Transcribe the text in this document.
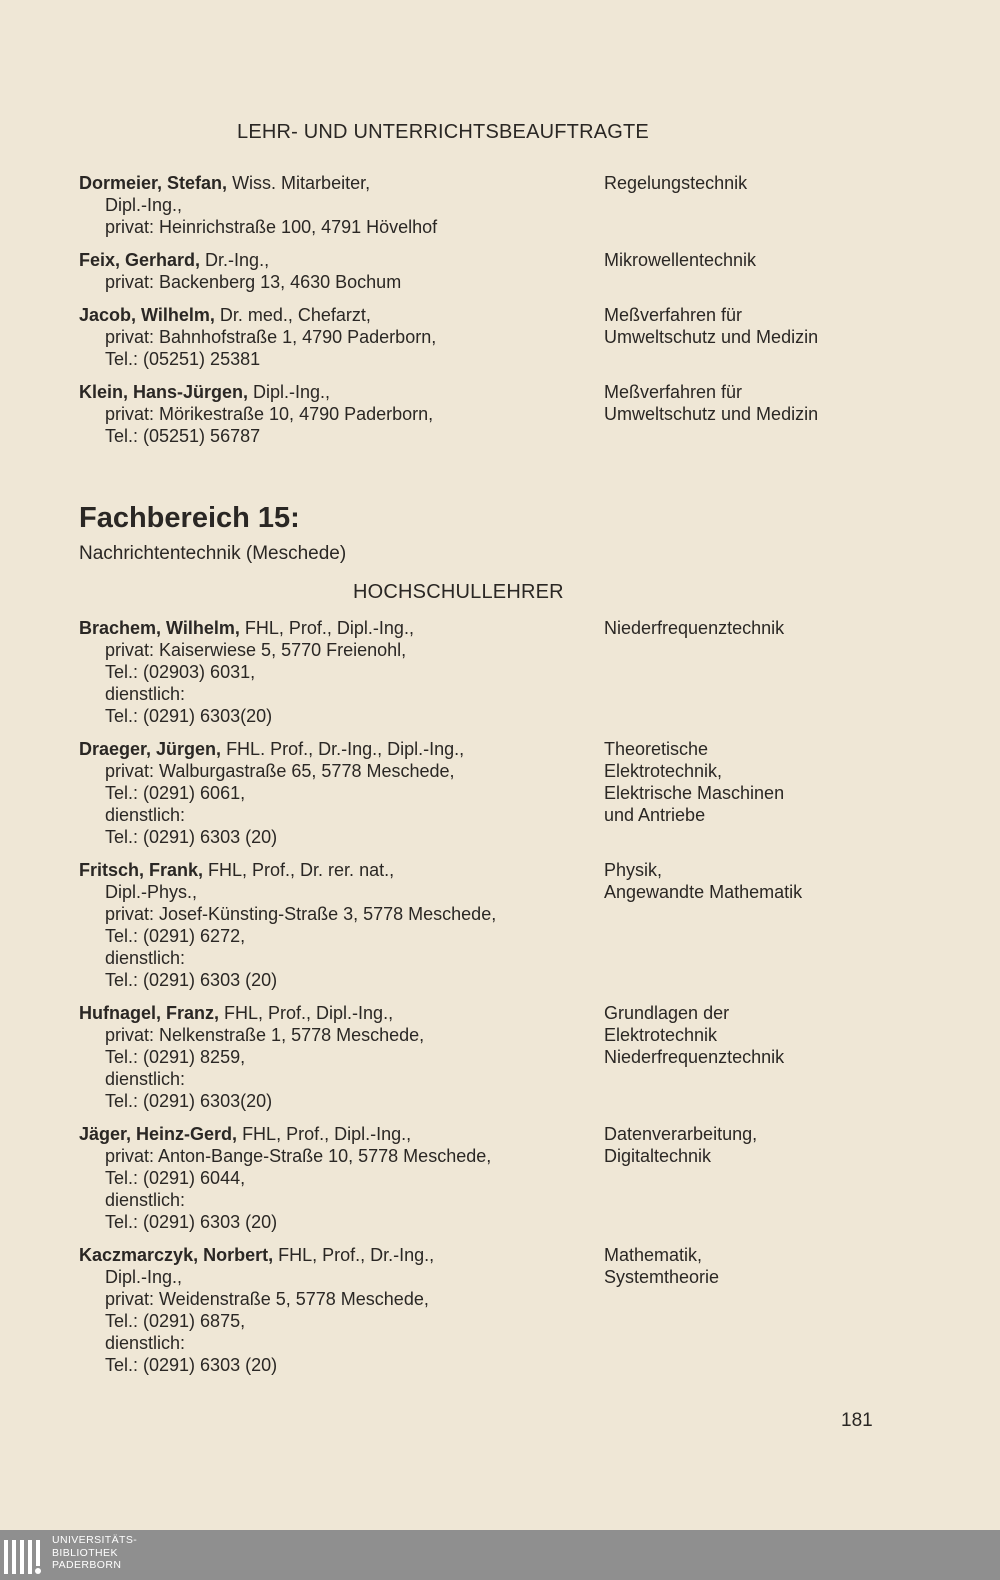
LEHR- UND UNTERRICHTSBEAUFTRAGTE
Dormeier, Stefan, Wiss. Mitarbeiter,
Dipl.-Ing.,
privat: Heinrichstraße 100, 4791 Hövelhof
Regelungstechnik
Feix, Gerhard, Dr.-Ing.,
privat: Backenberg 13, 4630 Bochum
Mikrowellentechnik
Jacob, Wilhelm, Dr. med., Chefarzt,
privat: Bahnhofstraße 1, 4790 Paderborn,
Tel.: (05251) 25381
Meßverfahren für
Umweltschutz und Medizin
Klein, Hans-Jürgen, Dipl.-Ing.,
privat: Mörikestraße 10, 4790 Paderborn,
Tel.: (05251) 56787
Meßverfahren für
Umweltschutz und Medizin
Fachbereich 15:
Nachrichtentechnik (Meschede)
HOCHSCHULLEHRER
Brachem, Wilhelm, FHL, Prof., Dipl.-Ing.,
privat: Kaiserwiese 5, 5770 Freienohl,
Tel.: (02903) 6031,
dienstlich:
Tel.: (0291) 6303(20)
Niederfrequenztechnik
Draeger, Jürgen, FHL. Prof., Dr.-Ing., Dipl.-Ing.,
privat: Walburgastraße 65, 5778 Meschede,
Tel.: (0291) 6061,
dienstlich:
Tel.: (0291) 6303 (20)
Theoretische
Elektrotechnik,
Elektrische Maschinen
und Antriebe
Fritsch, Frank, FHL, Prof., Dr. rer. nat.,
Dipl.-Phys.,
privat: Josef-Künsting-Straße 3, 5778 Meschede,
Tel.: (0291) 6272,
dienstlich:
Tel.: (0291) 6303 (20)
Physik,
Angewandte Mathematik
Hufnagel, Franz, FHL, Prof., Dipl.-Ing.,
privat: Nelkenstraße 1, 5778 Meschede,
Tel.: (0291) 8259,
dienstlich:
Tel.: (0291) 6303(20)
Grundlagen der
Elektrotechnik
Niederfrequenztechnik
Jäger, Heinz-Gerd, FHL, Prof., Dipl.-Ing.,
privat: Anton-Bange-Straße 10, 5778 Meschede,
Tel.: (0291) 6044,
dienstlich:
Tel.: (0291) 6303 (20)
Datenverarbeitung,
Digitaltechnik
Kaczmarczyk, Norbert, FHL, Prof., Dr.-Ing.,
Dipl.-Ing.,
privat: Weidenstraße 5, 5778 Meschede,
Tel.: (0291) 6875,
dienstlich:
Tel.: (0291) 6303 (20)
Mathematik,
Systemtheorie
181
UNIVERSITÄTS-
BIBLIOTHEK
PADERBORN
